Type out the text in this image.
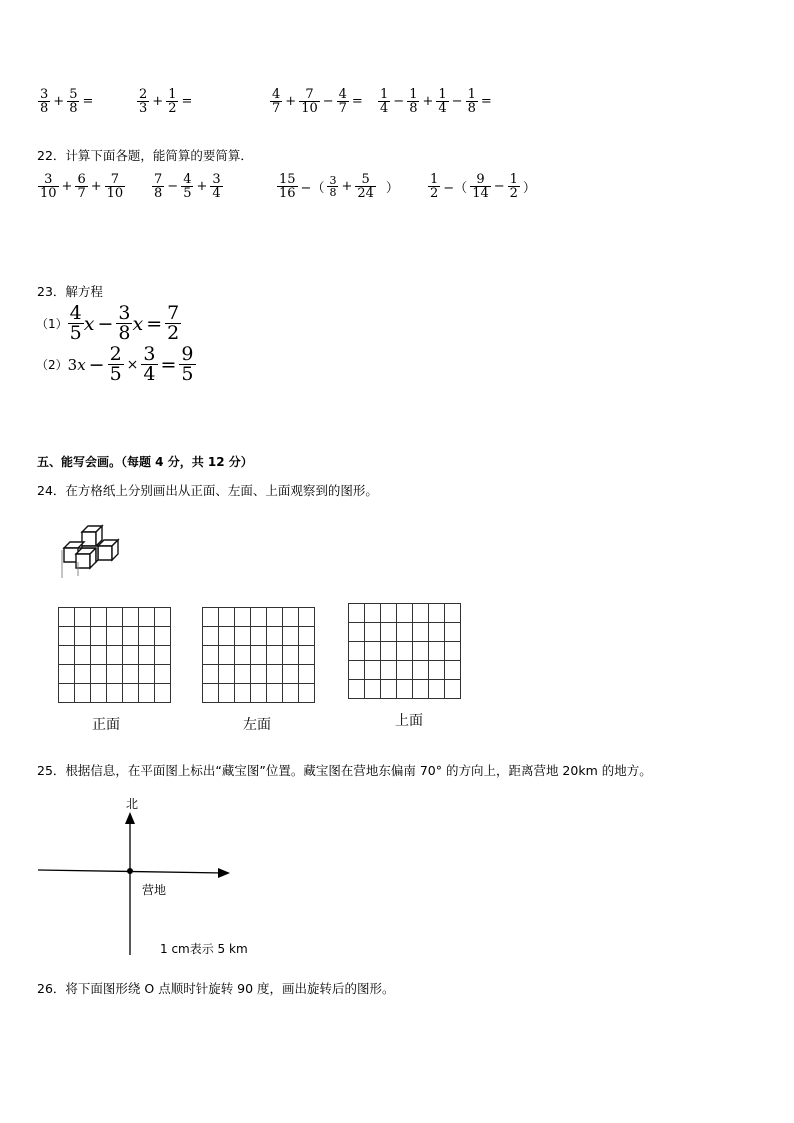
$\frac{3}{8} + \frac{5}{8}$ =	$\frac{2}{3} + \frac{1}{2}$ =	$\frac{4}{7} + \frac{7}{10} - \frac{4}{7} = \frac{1}{4} - \frac{1}{8} + \frac{1}{4} - \frac{1}{8}$ =
22．计算下面各题，能简算的要简算．
$\frac{3}{10} + \frac{6}{7} + \frac{7}{10} \frac{7}{8} - \frac{4}{5} + \frac{3}{4}$	$\frac{15}{16}$ −（ $\frac{3}{8} + \frac{5}{24}$ ） $\frac{1}{2}$ −（ $\frac{9}{14} - \frac{1}{2}$ ）
23．解方程
$(1) \frac{4}{5}$ $x - \frac{3}{8}$ $x = \frac{7}{2}$
（2） 3 $x - \frac{2}{5} \times \frac{3}{4} = \frac{9}{5}$
五、能写会画。（每题 4 分，共 12 分）
24．在方格纸上分别画出从正面、左面、上面观察到的图形。

正面	左面	上面
25．根据信息，在平面图上标出“藏宝图”位置。藏宝图在营地东偏南 70° 的方向上，距离营地 20km 的地方。
北
营地
1 cm表示 5 km
26．将下面图形绕 O 点顺时针旋转 90 度，画出旋转后的图形。
